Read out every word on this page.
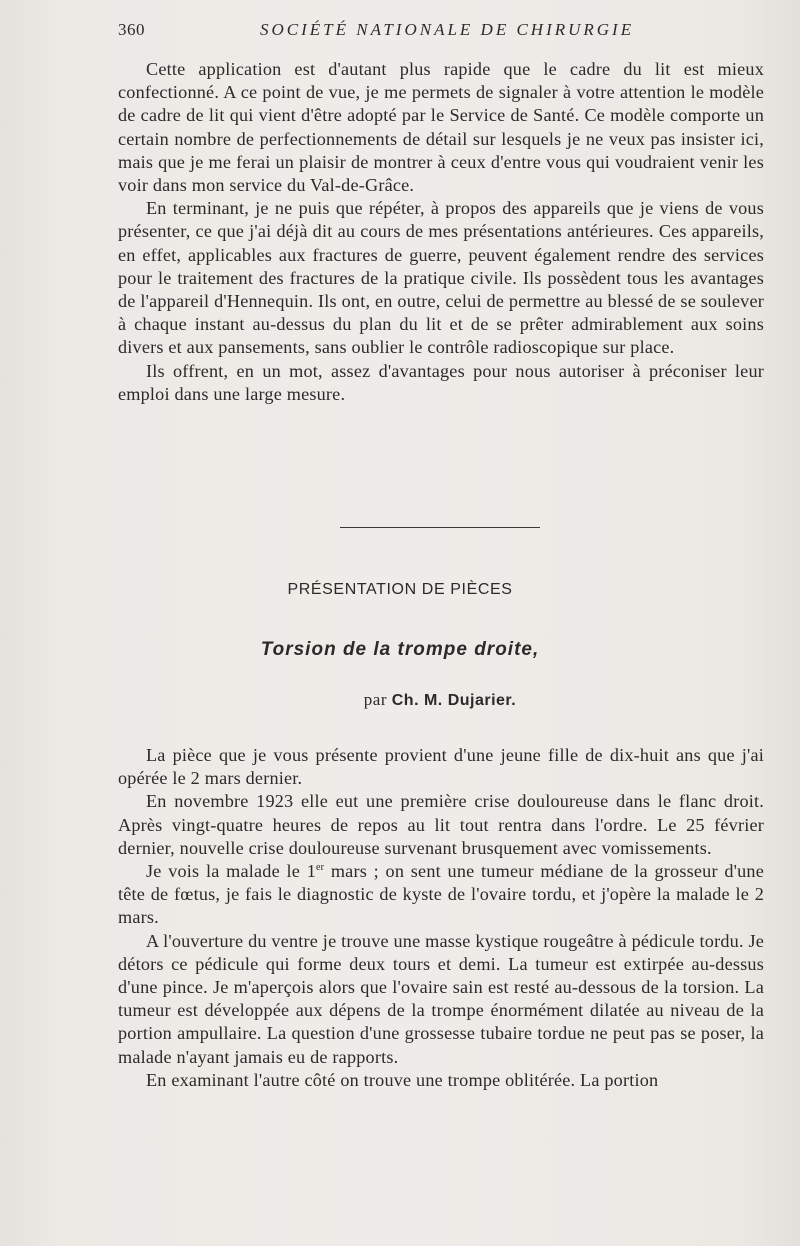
360	SOCIÉTÉ NATIONALE DE CHIRURGIE

Cette application est d'autant plus rapide que le cadre du lit est mieux confectionné. A ce point de vue, je me permets de signaler à votre attention le modèle de cadre de lit qui vient d'être adopté par le Service de Santé. Ce modèle comporte un certain nombre de perfectionnements de détail sur lesquels je ne veux pas insister ici, mais que je me ferai un plaisir de montrer à ceux d'entre vous qui voudraient venir les voir dans mon service du Val-de-Grâce.

En terminant, je ne puis que répéter, à propos des appareils que je viens de vous présenter, ce que j'ai déjà dit au cours de mes présentations antérieures. Ces appareils, en effet, applicables aux fractures de guerre, peuvent également rendre des services pour le traitement des fractures de la pratique civile. Ils possèdent tous les avantages de l'appareil d'Hennequin. Ils ont, en outre, celui de permettre au blessé de se soulever à chaque instant au-dessus du plan du lit et de se prêter admirablement aux soins divers et aux pansements, sans oublier le contrôle radioscopique sur place.

Ils offrent, en un mot, assez d'avantages pour nous autoriser à préconiser leur emploi dans une large mesure.

PRÉSENTATION DE PIÈCES
Torsion de la trompe droite,
par Ch. M. Dujarier.

La pièce que je vous présente provient d'une jeune fille de dix-huit ans que j'ai opérée le 2 mars dernier.

En novembre 1923 elle eut une première crise douloureuse dans le flanc droit. Après vingt-quatre heures de repos au lit tout rentra dans l'ordre. Le 25 février dernier, nouvelle crise douloureuse survenant brusquement avec vomissements.

Je vois la malade le 1er mars ; on sent une tumeur médiane de la grosseur d'une tête de fœtus, je fais le diagnostic de kyste de l'ovaire tordu, et j'opère la malade le 2 mars.

A l'ouverture du ventre je trouve une masse kystique rougeâtre à pédicule tordu. Je détors ce pédicule qui forme deux tours et demi. La tumeur est extirpée au-dessus d'une pince. Je m'aperçois alors que l'ovaire sain est resté au-dessous de la torsion. La tumeur est développée aux dépens de la trompe énormément dilatée au niveau de la portion ampullaire. La question d'une grossesse tubaire tordue ne peut pas se poser, la malade n'ayant jamais eu de rapports.

En examinant l'autre côté on trouve une trompe oblitérée. La portion
